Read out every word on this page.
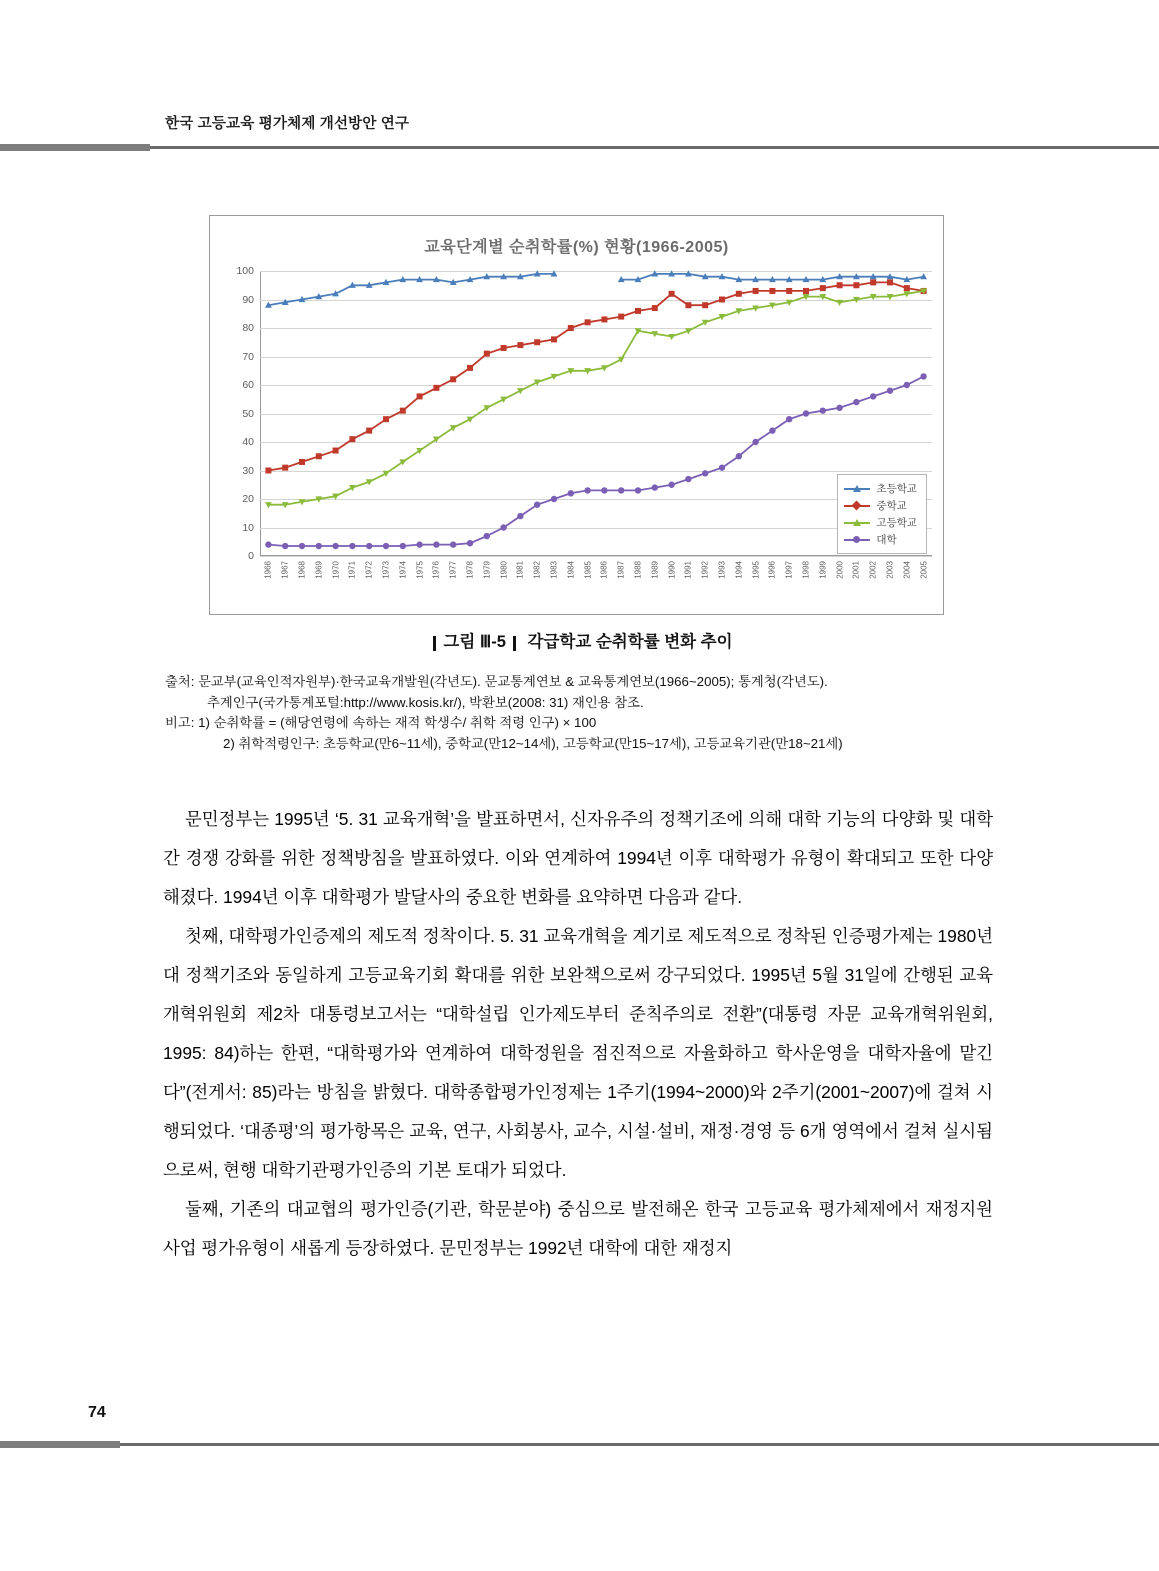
한국 고등교육 평가체제 개선방안 연구
교육단계별 순취학률(%) 현황(1966-2005)
0
10
20
30
40
50
60
70
80
90
100
1966 1967 1968 1969 1970 1971 1972 1973 1974 1975 1976 1977 1978 1979 1980 1981 1982 1983 1984 1985 1986 1987 1988 1989 1990 1991 1992 1993 1994 1995 1996 1997 1998 1999 2000 2001 2002 2003 2004 2005
초등학교
중학교
고등학교
대학
그림 Ⅲ-5 각급학교 순취학률 변화 추이
출처: 문교부(교육인적자원부)·한국교육개발원(각년도). 문교통계연보 & 교육통계연보(1966~2005); 통계청(각년도).
추계인구(국가통계포털:http://www.kosis.kr/), 박환보(2008: 31) 재인용 참조.
비고: 1) 순취학률 = (해당연령에 속하는 재적 학생수/ 취학 적령 인구) × 100
2) 취학적령인구: 초등학교(만6~11세), 중학교(만12~14세), 고등학교(만15~17세), 고등교육기관(만18~21세)

문민정부는 1995년 ‘5. 31 교육개혁’을 발표하면서, 신자유주의 정책기조에 의해 대학 기능의 다양화 및 대학 간 경쟁 강화를 위한 정책방침을 발표하였다. 이와 연계하여 1994년 이후 대학평가 유형이 확대되고 또한 다양해졌다. 1994년 이후 대학평가 발달사의 중요한 변화를 요약하면 다음과 같다.

첫째, 대학평가인증제의 제도적 정착이다. 5. 31 교육개혁을 계기로 제도적으로 정착된 인증평가제는 1980년대 정책기조와 동일하게 고등교육기회 확대를 위한 보완책으로써 강구되었다. 1995년 5월 31일에 간행된 교육개혁위원회 제2차 대통령보고서는 “대학설립 인가제도부터 준칙주의로 전환”(대통령 자문 교육개혁위원회, 1995: 84)하는 한편, “대학평가와 연계하여 대학정원을 점진적으로 자율화하고 학사운영을 대학자율에 맡긴다”(전게서: 85)라는 방침을 밝혔다. 대학종합평가인정제는 1주기(1994~2000)와 2주기(2001~2007)에 걸쳐 시행되었다. ‘대종평’의 평가항목은 교육, 연구, 사회봉사, 교수, 시설·설비, 재정·경영 등 6개 영역에서 걸쳐 실시됨으로써, 현행 대학기관평가인증의 기본 토대가 되었다.

둘째, 기존의 대교협의 평가인증(기관, 학문분야) 중심으로 발전해온 한국 고등교육 평가체제에서 재정지원사업 평가유형이 새롭게 등장하였다. 문민정부는 1992년 대학에 대한 재정지

74
